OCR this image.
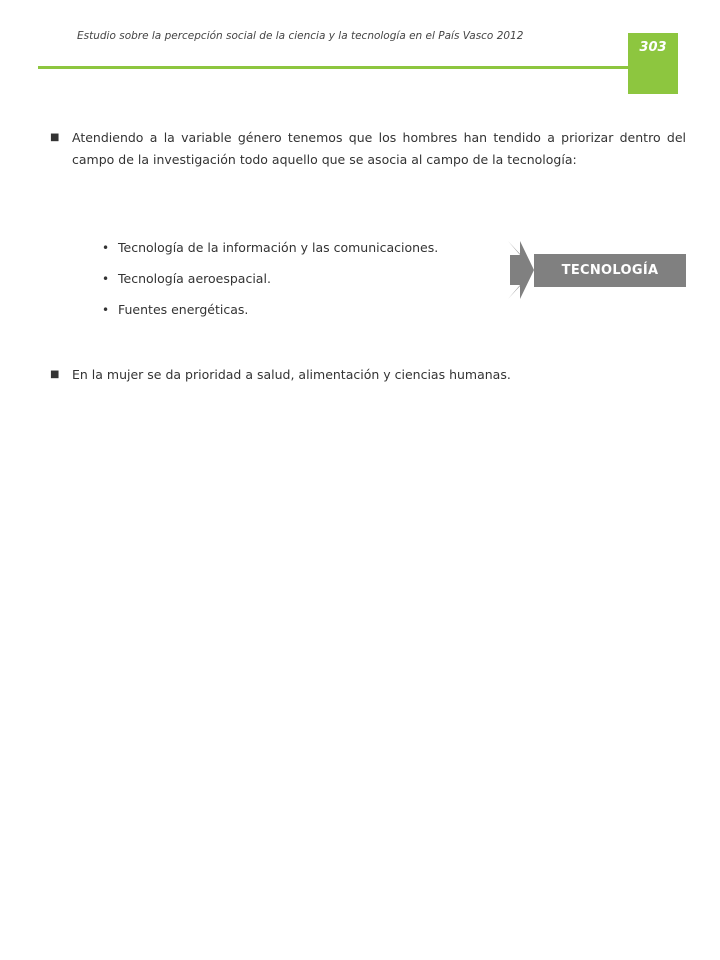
Estudio sobre la percepción social de la ciencia y la tecnología en el País Vasco 2012
303
■	Atendiendo a la variable género tenemos que los hombres han tendido a priorizar dentro del campo de la investigación todo aquello que se asocia al campo de la tecnología:
• Tecnología de la información y las comunicaciones.
• Tecnología aeroespacial.
• Fuentes energéticas.
TECNOLOGÍA
■	En la mujer se da prioridad a salud, alimentación y ciencias humanas.
